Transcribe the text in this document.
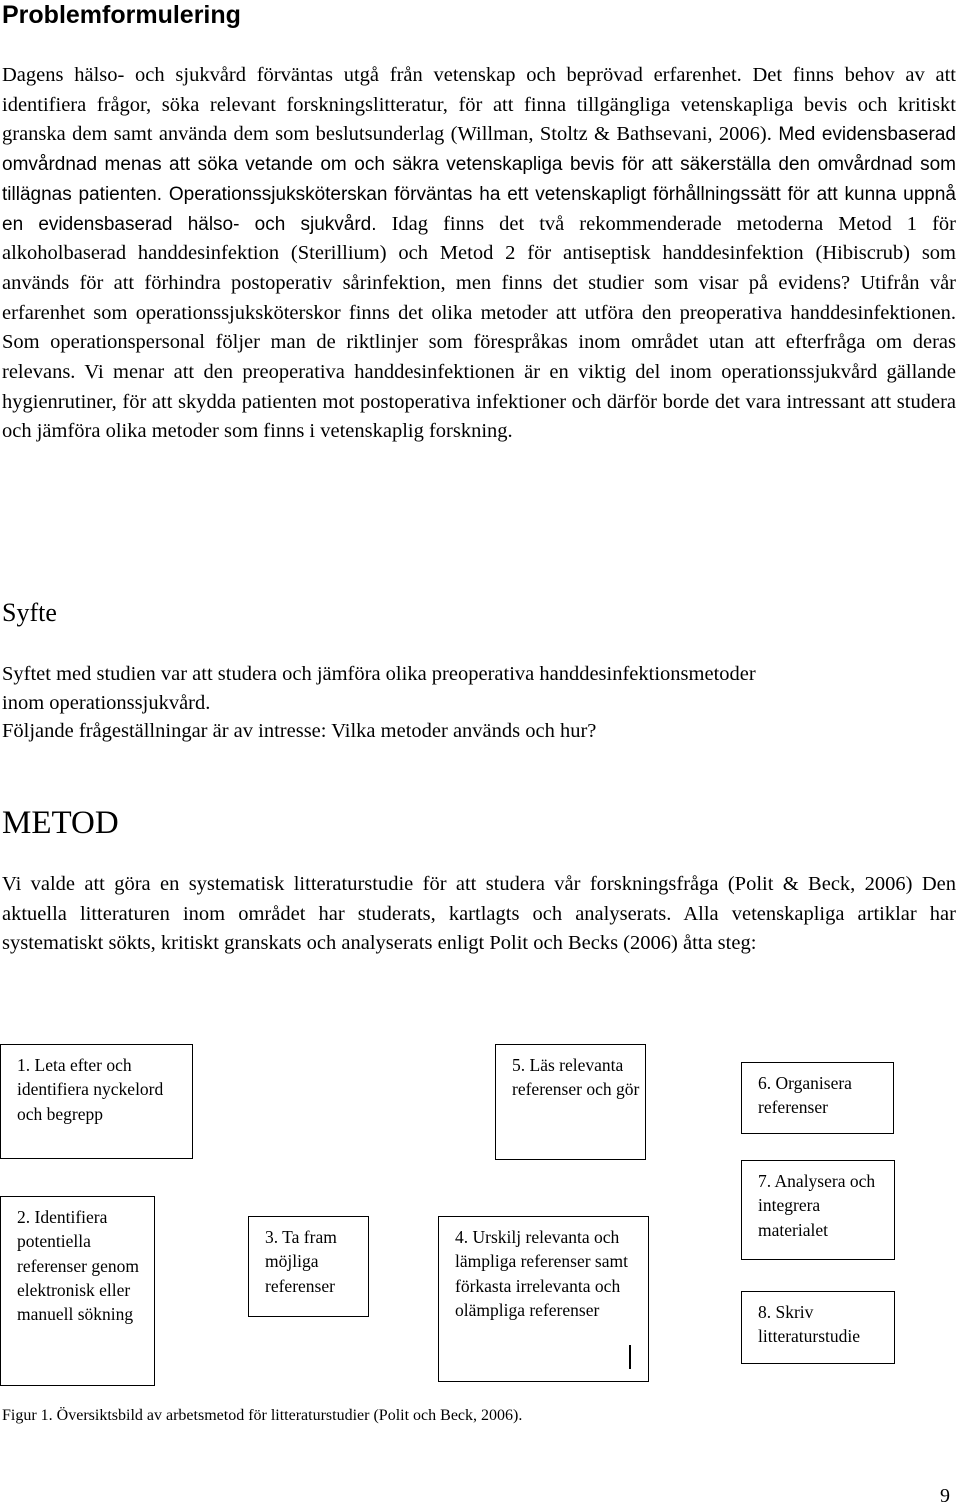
Problemformulering

Dagens hälso- och sjukvård förväntas utgå från vetenskap och beprövad erfarenhet. Det finns behov av att identifiera frågor, söka relevant forskningslitteratur, för att finna tillgängliga vetenskapliga bevis och kritiskt granska dem samt använda dem som beslutsunderlag (Willman, Stoltz & Bathsevani, 2006). Med evidensbaserad omvårdnad menas att söka vetande om och säkra vetenskapliga bevis för att säkerställa den omvårdnad som tillägnas patienten. Operationssjuksköterskan förväntas ha ett vetenskapligt förhållningssätt för att kunna uppnå en evidensbaserad hälso- och sjukvård. Idag finns det två rekommenderade metoderna Metod 1 för alkoholbaserad handdesinfektion (Sterillium) och Metod 2 för antiseptisk handdesinfektion (Hibiscrub) som används för att förhindra postoperativ sårinfektion, men finns det studier som visar på evidens? Utifrån vår erfarenhet som operationssjuksköterskor finns det olika metoder att utföra den preoperativa handdesinfektionen. Som operationspersonal följer man de riktlinjer som förespråkas inom området utan att efterfråga om deras relevans. Vi menar att den preoperativa handdesinfektionen är en viktig del inom operationssjukvård gällande hygienrutiner, för att skydda patienten mot postoperativa infektioner och därför borde det vara intressant att studera och jämföra olika metoder som finns i vetenskaplig forskning.

Syfte

Syftet med studien var att studera och jämföra olika preoperativa handdesinfektionsmetoder

inom operationssjukvård.

Följande frågeställningar är av intresse: Vilka metoder används och hur?

METOD

Vi valde att göra en systematisk litteraturstudie för att studera vår forskningsfråga (Polit & Beck, 2006) Den aktuella litteraturen inom området har studerats, kartlagts och analyserats. Alla vetenskapliga artiklar har systematiskt sökts, kritiskt granskats och analyserats enligt Polit och Becks (2006) åtta steg:

1. Leta efter och identifiera nyckelord och begrepp
2. Identifiera potentiella referenser genom elektronisk eller manuell sökning
3. Ta fram möjliga referenser
4. Urskilj relevanta och lämpliga referenser samt förkasta irrelevanta och olämpliga referenser
5. Läs relevanta referenser och gör	6. Organisera referenser
7. Analysera och integrera materialet
8. Skriv litteraturstudie

Figur 1. Översiktsbild av arbetsmetod för litteraturstudier (Polit och Beck, 2006).

9
